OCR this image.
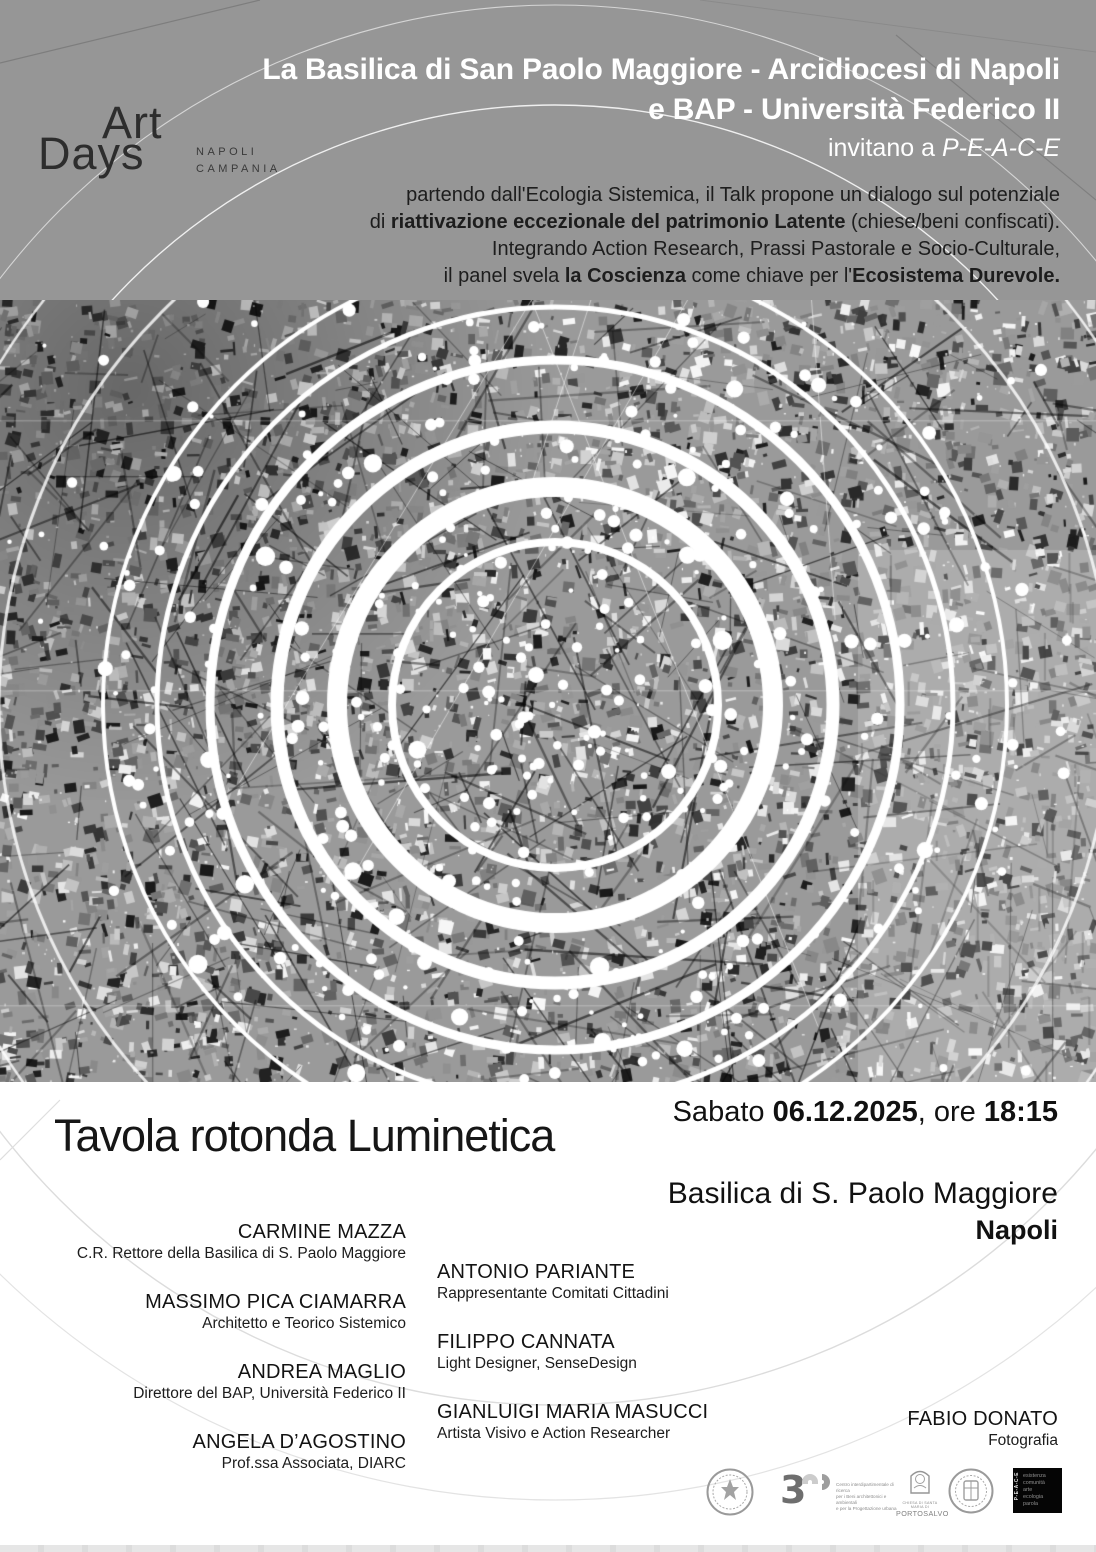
Art
Days	NAPOLI
CAMPANIA
La Basilica di San Paolo Maggiore - Arcidiocesi di Napoli
e BAP - Università Federico II
invitano a P-E-A-C-E
partendo dall'Ecologia Sistemica, il Talk propone un dialogo sul potenziale
di riattivazione eccezionale del patrimonio Latente (chiese/beni confiscati).
Integrando Action Research, Prassi Pastorale e Socio-Culturale,
il panel svela la Coscienza come chiave per l'Ecosistema Durevole.
Tavola rotonda Luminetica	Sabato 06.12.2025, ore 18:15
Basilica di S. Paolo Maggiore
Napoli
CARMINE MAZZA
C.R. Rettore della Basilica di S. Paolo Maggiore
MASSIMO PICA CIAMARRA
Architetto e Teorico Sistemico
ANDREA MAGLIO
Direttore del BAP, Università Federico II
ANGELA D’AGOSTINO
Prof.ssa Associata, DIARC
ANTONIO PARIANTE
Rappresentante Comitati Cittadini
FILIPPO CANNATA
Light Designer, SenseDesign
GIANLUIGI MARIA MASUCCI
Artista Visivo e Action Researcher
FABIO DONATO
Fotografia
3	Centro interdipartimentale di ricerca
per i Beni architettonici e ambientali
e per la Progettazione urbana
CHIESA DI SANTA MARIA DI
PORTOSALVO
P-E-A-C-E esistenza
comunità
arte
ecologia
parola
